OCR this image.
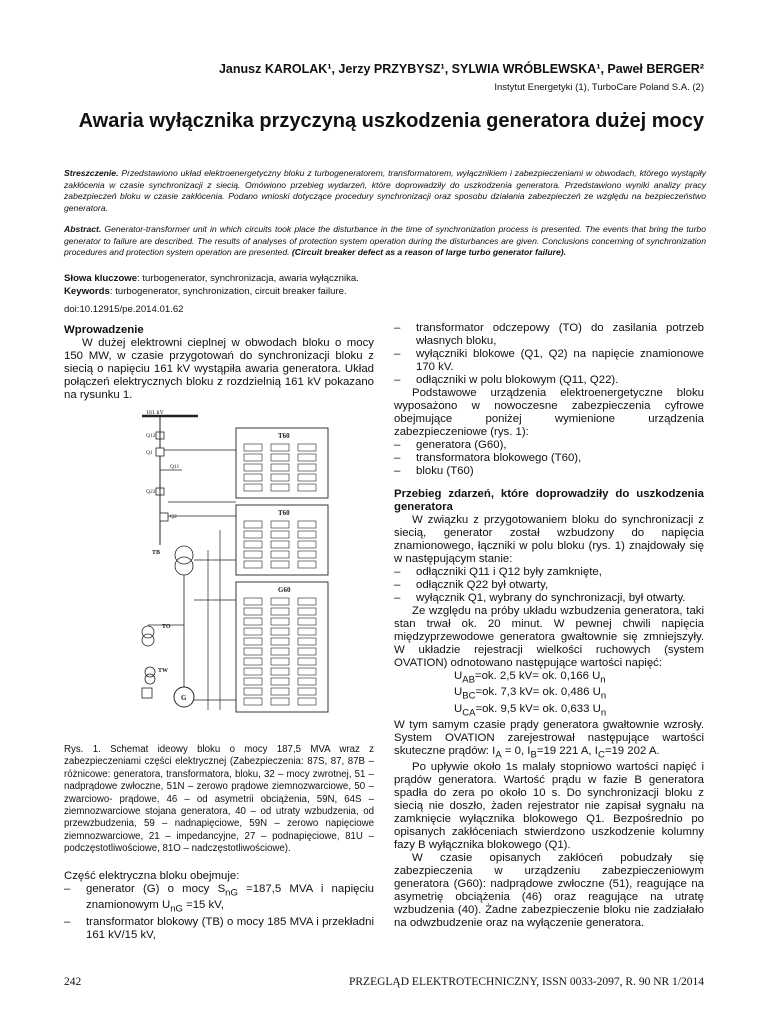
Janusz KAROLAK¹, Jerzy PRZYBYSZ¹, SYLWIA WRÓBLEWSKA¹, Paweł BERGER²
Instytut Energetyki (1), TurboCare Poland S.A. (2)
Awaria wyłącznika przyczyną uszkodzenia generatora dużej mocy
Streszczenie. Przedstawiono układ elektroenergetyczny bloku z turbogeneratorem, transformatorem, wyłącznikiem i zabezpieczeniami w obwodach, którego wystąpiły zakłócenia w czasie synchronizacji z siecią. Omówiono przebieg wydarzeń, które doprowadziły do uszkodzenia generatora. Przedstawiono wyniki analizy pracy zabezpieczeń bloku w czasie zakłócenia. Podano wnioski dotyczące procedury synchronizacji oraz sposobu działania zabezpieczeń ze względu na bezpieczeństwo generatora.
Abstract. Generator-transformer unit in which circuits took place the disturbance in the time of synchronization process is presented. The events that bring the turbo generator to failure are described. The results of analyses of protection system operation during the disturbances are given. Conclusions concerning of synchronization procedures and protection system operation are presented. (Circuit breaker defect as a reason of large turbo generator failure).
Słowa kluczowe: turbogenerator, synchronizacja, awaria wyłącznika.
Keywords: turbogenerator, synchronization, circuit breaker failure.
doi:10.12915/pe.2014.01.62
Wprowadzenie

W dużej elektrowni cieplnej w obwodach bloku o mocy 150 MW, w czasie przygotowań do synchronizacji bloku z siecią o napięciu 161 kV wystąpiła awaria generatora. Układ połączeń elektrycznych bloku z rozdzielnią 161 kV pokazano na rysunku 1.

161 kV
Q12
Q1
Q11
Q22
Q2
TB
TO
TW
G
T60
T60
G60
Rys. 1. Schemat ideowy bloku o mocy 187,5 MVA wraz z zabezpieczeniami części elektrycznej (Zabezpieczenia: 87S, 87, 87B – różnicowe: generatora, transformatora, bloku, 32 – mocy zwrotnej, 51 – nadprądowe zwłoczne, 51N – zerowo prądowe ziemnozwarciowe, 50 – zwarciowo- prądowe, 46 – od asymetrii obciążenia, 59N, 64S – ziemnozwarciowe stojana generatora, 40 – od utraty wzbudzenia, od przewzbudzenia, 59 – nadnapięciowe, 59N – zerowo napięciowe ziemnozwarciowe, 21 – impedancyjne, 27 – podnapięciowe, 81U – podczęstotliwościowe, 81O – nadczęstotliwościowe).
Część elektryczna bloku obejmuje:
–	generator (G) o mocy $S_{nG} =187,5$ MVA i napięciu znamionowym $U_{nG} =15$ kV,
–	transformator blokowy (TB) o mocy 185 MVA i przekładni 161 kV/15 kV,
–	transformator odczepowy (TO) do zasilania potrzeb własnych bloku,
–	wyłączniki blokowe (Q1, Q2) na napięcie znamionowe 170 kV.
–	odłączniki w polu blokowym (Q11, Q22).

Podstawowe urządzenia elektroenergetyczne bloku wyposażono w nowoczesne zabezpieczenia cyfrowe obejmujące poniżej wymienione urządzenia zabezpieczeniowe (rys. 1):

–	generatora (G60),
–	transformatora blokowego (T60),
–	bloku (T60)
Przebieg zdarzeń, które doprowadziły do uszkodzenia generatora

W związku z przygotowaniem bloku do synchronizacji z siecią, generator został wzbudzony do napięcia znamionowego, łączniki w polu bloku (rys. 1) znajdowały się w następującym stanie:

–	odłączniki Q11 i Q12 były zamknięte,
–	odłącznik Q22 był otwarty,
–	wyłącznik Q1, wybrany do synchronizacji, był otwarty.

Ze względu na próby układu wzbudzenia generatora, taki stan trwał ok. 20 minut. W pewnej chwili napięcia międzyprzewodowe generatora gwałtownie się zmniejszyły. W układzie rejestracji wielkości ruchowych (system OVATION) odnotowano następujące wartości napięć:

$U_{AB}=ok$. 2,5 kV= ok. 0,166 $U_n$
$U_{BC}=ok$. 7,3 kV= ok. 0,486 $U_n$
$U_{CA}=ok$. 9,5 kV= ok. 0,633 $U_n$
W tym samym czasie prądy generatora gwałtownie wzrosły. System OVATION zarejestrował następujące wartości skuteczne prądów: $I_A = 0$, $I_B=19$ 221 A, $I_C=19$ 202 A.

Po upływie około 1s malały stopniowo wartości napięć i prądów generatora. Wartość prądu w fazie B generatora spadła do zera po około 10 s. Do synchronizacji bloku z siecią nie doszło, żaden rejestrator nie zapisał sygnału na zamknięcie wyłącznika blokowego Q1. Bezpośrednio po opisanych zakłóceniach stwierdzono uszkodzenie kolumny fazy B wyłącznika blokowego (Q1).

W czasie opisanych zakłóceń pobudzały się zabezpieczenia w urządzeniu zabezpieczeniowym generatora (G60): nadprądowe zwłoczne (51), reagujące na asymetrię obciążenia (46) oraz reagujące na utratę wzbudzenia (40). Żadne zabezpieczenie bloku nie zadziałało na odwzbudzenie oraz na wyłączenie generatora.

242	PRZEGLĄD ELEKTROTECHNICZNY, ISSN 0033-2097, R. 90 NR 1/2014
